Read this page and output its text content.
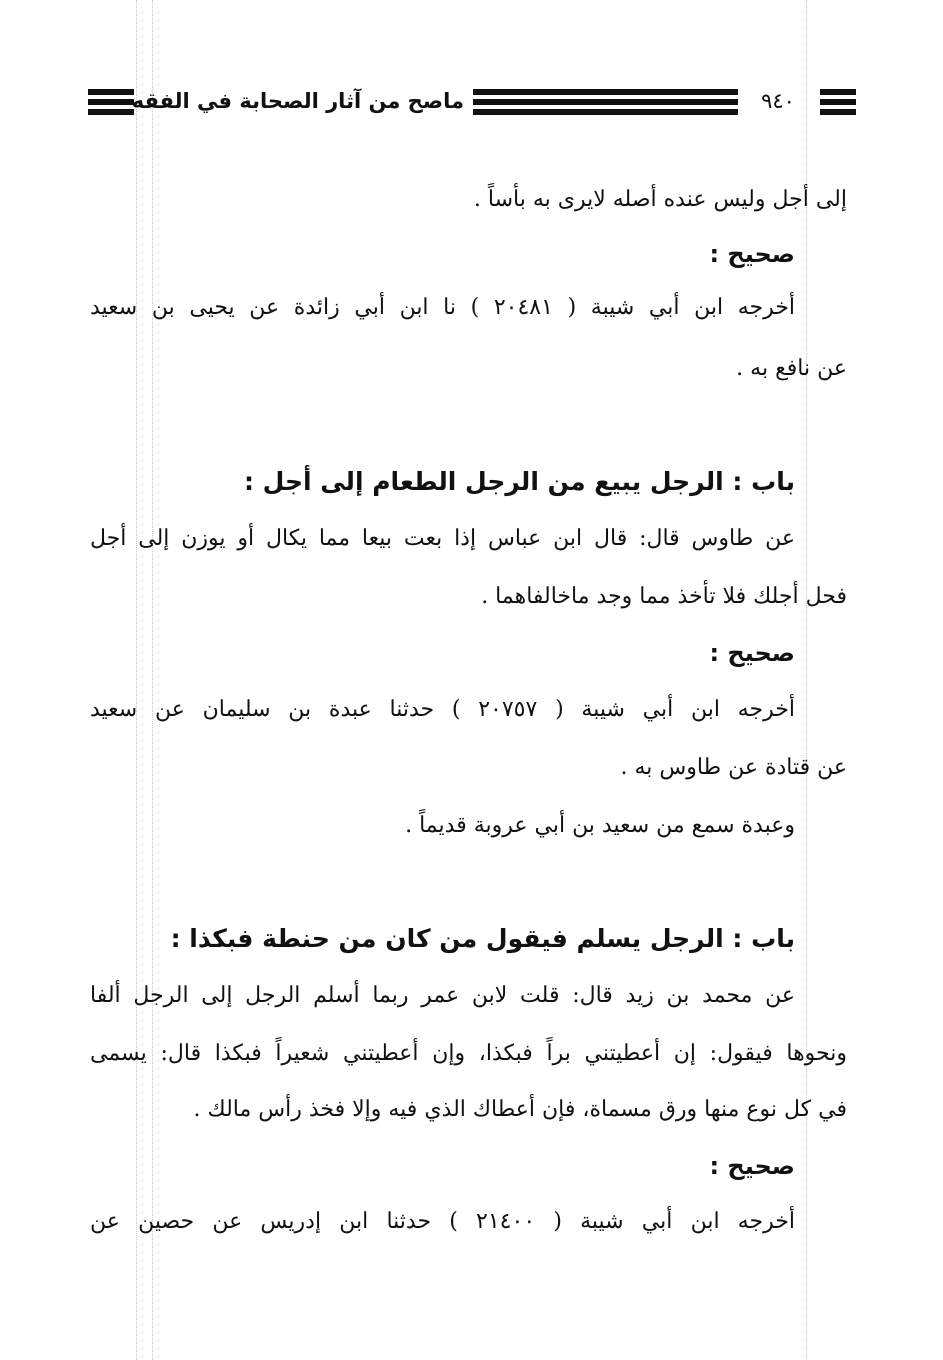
ماصح من آثار الصحابة في الفقه	٩٤٠
إلى أجل وليس عنده أصله لايرى به بأساً .
صحيح :
أخرجه ابن أبي شيبة ( ٢٠٤٨١ ) نا ابن أبي زائدة عن يحيى بن سعيد
عن نافع به .
باب : الرجل يبيع من الرجل الطعام إلى أجل :
عن طاوس قال: قال ابن عباس إذا بعت بيعا مما يكال أو يوزن إلى أجل
فحل أجلك فلا تأخذ مما وجد ماخالفاهما .
صحيح :
أخرجه ابن أبي شيبة ( ٢٠٧٥٧ ) حدثنا عبدة بن سليمان عن سعيد
عن قتادة عن طاوس به .
وعبدة سمع من سعيد بن أبي عروبة قديماً .
باب : الرجل يسلم فيقول من كان من حنطة فبكذا :
عن محمد بن زيد قال: قلت لابن عمر ربما أسلم الرجل إلى الرجل ألفا
ونحوها فيقول: إن أعطيتني براً فبكذا، وإن أعطيتني شعيراً فبكذا قال: يسمى
في كل نوع منها ورق مسماة، فإن أعطاك الذي فيه وإلا فخذ رأس مالك .
صحيح :
أخرجه ابن أبي شيبة ( ٢١٤٠٠ ) حدثنا ابن إدريس عن حصين عن
